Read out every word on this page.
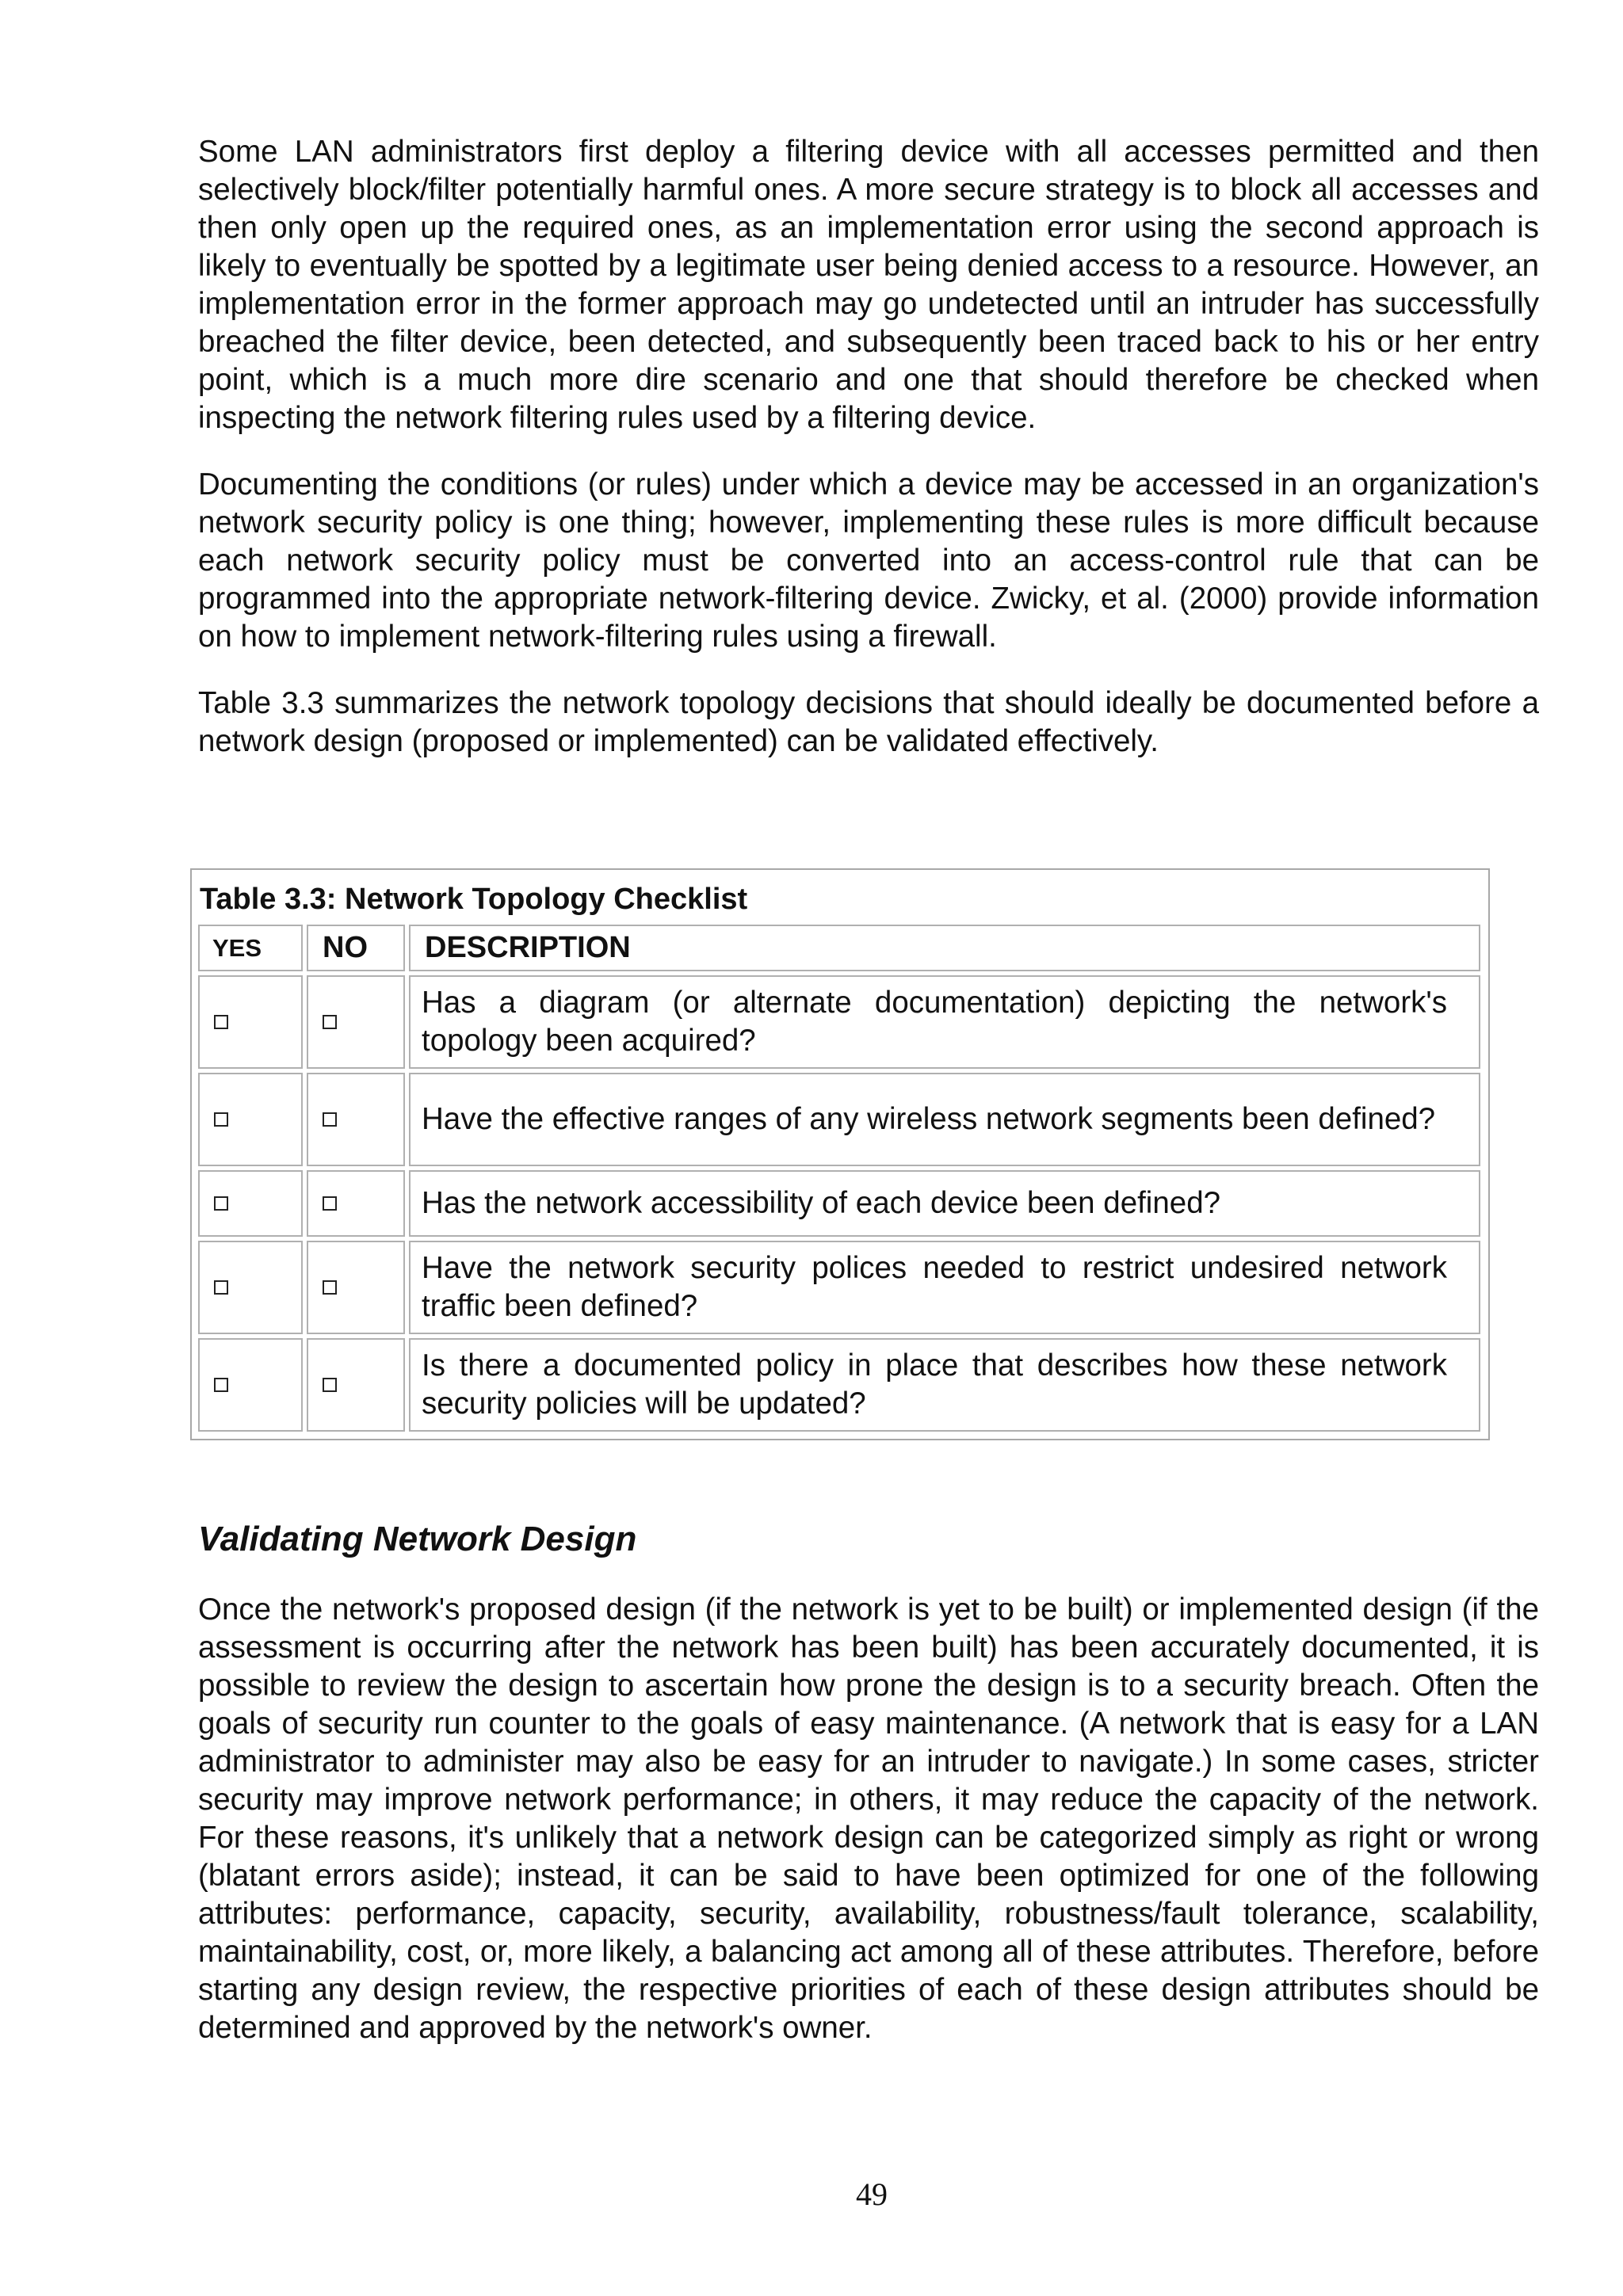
Some LAN administrators first deploy a filtering device with all accesses permitted and then selectively block/filter potentially harmful ones. A more secure strategy is to block all accesses and then only open up the required ones, as an implementation error using the second approach is likely to eventually be spotted by a legitimate user being denied access to a resource. However, an implementation error in the former approach may go undetected until an intruder has successfully breached the filter device, been detected, and subsequently been traced back to his or her entry point, which is a much more dire scenario and one that should therefore be checked when inspecting the network filtering rules used by a filtering device.

Documenting the conditions (or rules) under which a device may be accessed in an organization's network security policy is one thing; however, implementing these rules is more difficult because each network security policy must be converted into an access-control rule that can be programmed into the appropriate network-filtering device. Zwicky, et al. (2000) provide information on how to implement network-filtering rules using a firewall.

Table 3.3 summarizes the network topology decisions that should ideally be documented before a network design (proposed or implemented) can be validated effectively.

Table 3.3: Network Topology Checklist
YES	NO	DESCRIPTION
		Has a diagram (or alternate documentation) depicting the network's topology been acquired?
		Have the effective ranges of any wireless network segments been defined?
		Has the network accessibility of each device been defined?
		Have the network security polices needed to restrict undesired network traffic been defined?
		Is there a documented policy in place that describes how these network security policies will be updated?
Validating Network Design

Once the network's proposed design (if the network is yet to be built) or implemented design (if the assessment is occurring after the network has been built) has been accurately documented, it is possible to review the design to ascertain how prone the design is to a security breach. Often the goals of security run counter to the goals of easy maintenance. (A network that is easy for a LAN administrator to administer may also be easy for an intruder to navigate.) In some cases, stricter security may improve network performance; in others, it may reduce the capacity of the network. For these reasons, it's unlikely that a network design can be categorized simply as right or wrong (blatant errors aside); instead, it can be said to have been optimized for one of the following attributes: performance, capacity, security, availability, robustness/fault tolerance, scalability, maintainability, cost, or, more likely, a balancing act among all of these attributes. Therefore, before starting any design review, the respective priorities of each of these design attributes should be determined and approved by the network's owner.

49
